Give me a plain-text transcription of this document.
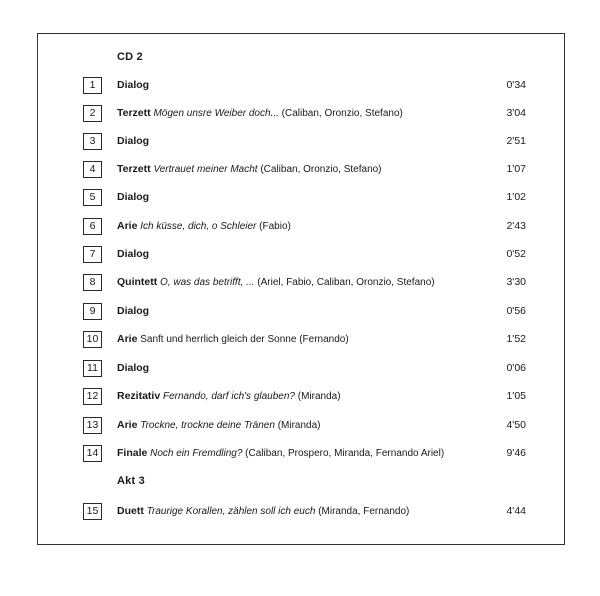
CD 2
1	Dialog	0'34
2	Terzett Mögen unsre Weiber doch... (Caliban, Oronzio, Stefano)	3'04
3	Dialog	2'51
4	Terzett Vertrauet meiner Macht (Caliban, Oronzio, Stefano)	1'07
5	Dialog	1'02
6	Arie Ich küsse, dich, o Schleier (Fabio)	2'43
7	Dialog	0'52
8	Quintett O, was das betrifft, ... (Ariel, Fabio, Caliban, Oronzio, Stefano)	3'30
9	Dialog	0'56
10	Arie Sanft und herrlich gleich der Sonne (Fernando)	1'52
11	Dialog	0'06
12	Rezitativ Fernando, darf ich's glauben? (Miranda)	1'05
13	Arie Trockne, trockne deine Tränen (Miranda)	4'50
14	Finale Noch ein Fremdling? (Caliban, Prospero, Miranda, Fernando Ariel)	9'46
Akt 3
15	Duett Traurige Korallen, zählen soll ich euch (Miranda, Fernando)	4'44
